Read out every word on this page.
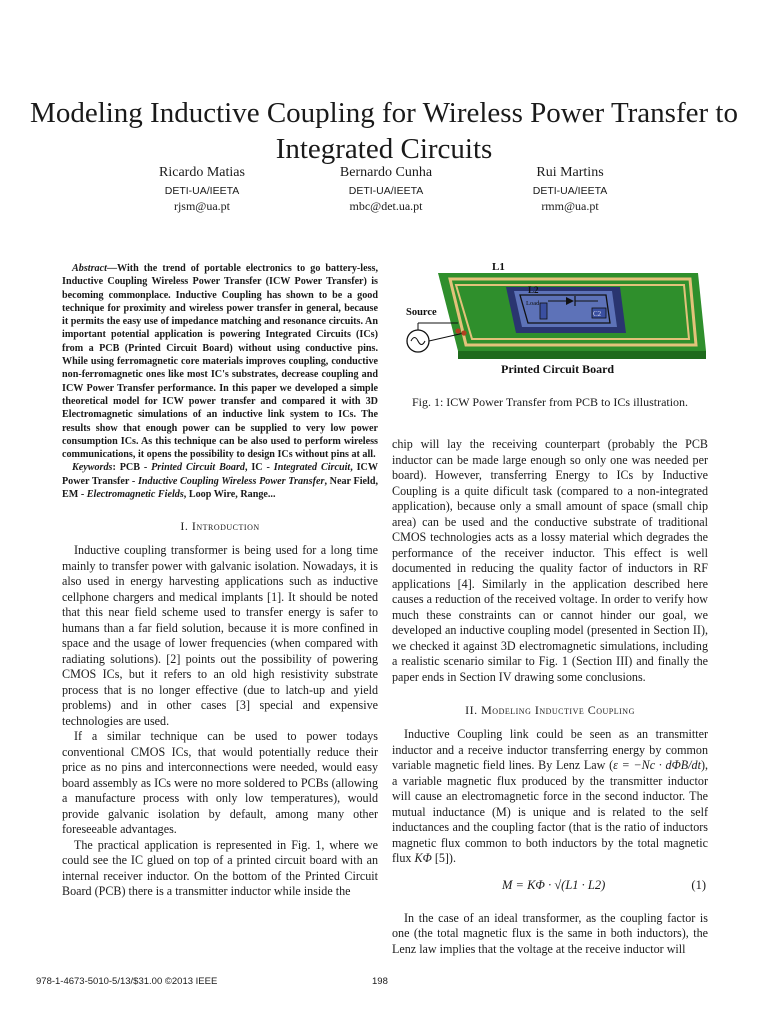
Modeling Inductive Coupling for Wireless Power Transfer to Integrated Circuits
Ricardo Matias
DETI-UA/IEETA
rjsm@ua.pt
Bernardo Cunha
DETI-UA/IEETA
mbc@det.ua.pt
Rui Martins
DETI-UA/IEETA
rmm@ua.pt

Abstract—With the trend of portable electronics to go battery-less, Inductive Coupling Wireless Power Transfer (ICW Power Transfer) is becoming commonplace. Inductive Coupling has shown to be a good technique for proximity and wireless power transfer in general, because it permits the easy use of impedance matching and resonance circuits. An important potential application is powering Integrated Circuits (ICs) from a PCB (Printed Circuit Board) without using conductive pins. While using ferromagnetic core materials improves coupling, conductive non-ferromagnetic ones like most IC's substrates, decrease coupling and ICW Power Transfer performance. In this paper we developed a simple theoretical model for ICW power transfer and compared it with 3D Electromagnetic simulations of an inductive link system to ICs. The results show that enough power can be supplied to very low power consumption ICs. As this technique can be also used to perform wireless communications, it opens the possibility to design ICs without pins at all.

Keywords: PCB - Printed Circuit Board, IC - Integrated Circuit, ICW Power Transfer - Inductive Coupling Wireless Power Transfer, Near Field, EM - Electromagnetic Fields, Loop Wire, Range...

I. Introduction

Inductive coupling transformer is being used for a long time mainly to transfer power with galvanic isolation. Nowadays, it is also used in energy harvesting applications such as inductive cellphone chargers and medical implants [1]. It should be noted that this near field scheme used to transfer energy is safer to humans than a far field solution, because it is more confined in space and the usage of lower frequencies (when compared with radiating solutions). [2] points out the possibility of powering CMOS ICs, but it refers to an old high resistivity substrate process that is no longer effective (due to latch-up and yield problems) and in other cases [3] special and expensive technologies are used.

If a similar technique can be used to power todays conventional CMOS ICs, that would potentially reduce their price as no pins and interconnections were needed, would easy board assembly as ICs were no more soldered to PCBs (allowing a manufacture process with only low temperatures), would provide galvanic isolation by default, among many other foreseeable advantages.

The practical application is represented in Fig. 1, where we could see the IC glued on top of a printed circuit board with an internal receiver inductor. On the bottom of the Printed Circuit Board (PCB) there is a transmitter inductor while inside the

L1
L2
Load
C2
Source
Printed Circuit Board
Fig. 1: ICW Power Transfer from PCB to ICs illustration.

chip will lay the receiving counterpart (probably the PCB inductor can be made large enough so only one was needed per board). However, transferring Energy to ICs by Inductive Coupling is a quite dificult task (compared to a non-integrated application), because only a small amount of space (small chip area) can be used and the conductive substrate of traditional CMOS technologies acts as a lossy material which degrades the performance of the receiver inductor. This effect is well documented in reducing the quality factor of inductors in RF applications [4]. Similarly in the application described here causes a reduction of the received voltage. In order to verify how much these constraints can or cannot hinder our goal, we developed an inductive coupling model (presented in Section II), we checked it against 3D electromagnetic simulations, including a realistic scenario similar to Fig. 1 (Section III) and finally the paper ends in Section IV drawing some conclusions.

II. Modeling Inductive Coupling

Inductive Coupling link could be seen as an transmitter inductor and a receive inductor transferring energy by common variable magnetic field lines. By Lenz Law (ε = −Nc · dΦB/dt), a variable magnetic flux produced by the transmitter inductor will cause an electromagnetic force in the second inductor. The mutual inductance (M) is unique and is related to the self inductances and the coupling factor (that is the ratio of inductors magnetic flux common to both inductors by the total magnetic flux KΦ [5]).

M = KΦ · √(L1 · L2)	(1)

In the case of an ideal transformer, as the coupling factor is one (the total magnetic flux is the same in both inductors), the Lenz law implies that the voltage at the receive inductor will

978-1-4673-5010-5/13/$31.00 ©2013 IEEE	198
